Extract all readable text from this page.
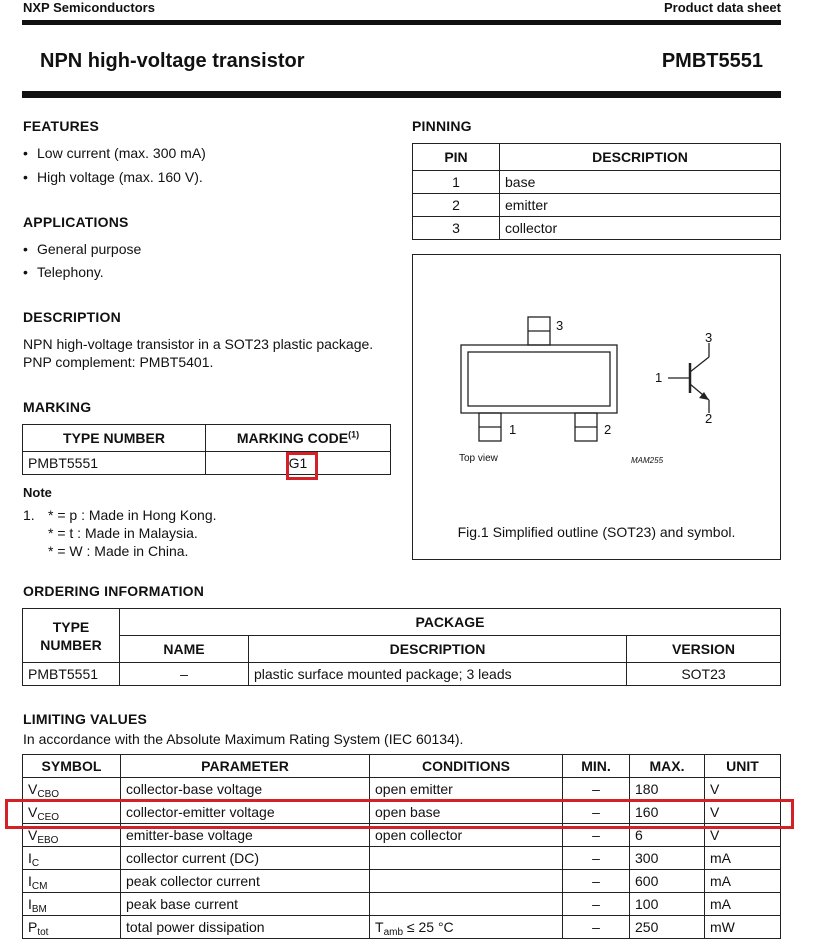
NXP Semiconductors	Product data sheet
NPN high-voltage transistor	PMBT5551
FEATURES
• Low current (max. 300 mA)
• High voltage (max. 160 V).
APPLICATIONS
• General purpose
• Telephony.
DESCRIPTION
NPN high-voltage transistor in a SOT23 plastic package.
PNP complement: PMBT5401.
MARKING
TYPE NUMBER	MARKING CODE$^{(1)}$
PMBT5551	G1
Note
1. * = p : Made in Hong Kong.
* = t : Made in Malaysia.
* = W : Made in China.
PINNING
PIN	DESCRIPTION
1	base
2	emitter
3	collector
3
1	2
3
1
2
Top view	MAM255
Fig.1 Simplified outline (SOT23) and symbol.
ORDERING INFORMATION
TYPE NUMBER	PACKAGE		
	NAME	DESCRIPTION	VERSION
PMBT5551	–	plastic surface mounted package; 3 leads	SOT23
LIMITING VALUES
In accordance with the Absolute Maximum Rating System (IEC 60134).
SYMBOL	PARAMETER	CONDITIONS	MIN.	MAX.	UNIT
$V_{CBO}$	collector-base voltage	open emitter	–	180	V
$V_{CEO}$	collector-emitter voltage	open base	–	160	V
$V_{EBO}$	emitter-base voltage	open collector	–	6	V
$I_C$	collector current (DC)		–	300	mA
$I_{CM}$	peak collector current		–	600	mA
$I_{BM}$	peak base current		–	100	mA
$P_{tot}$	total power dissipation	$T_{amb} \le 25$ °C	–	250	mW
